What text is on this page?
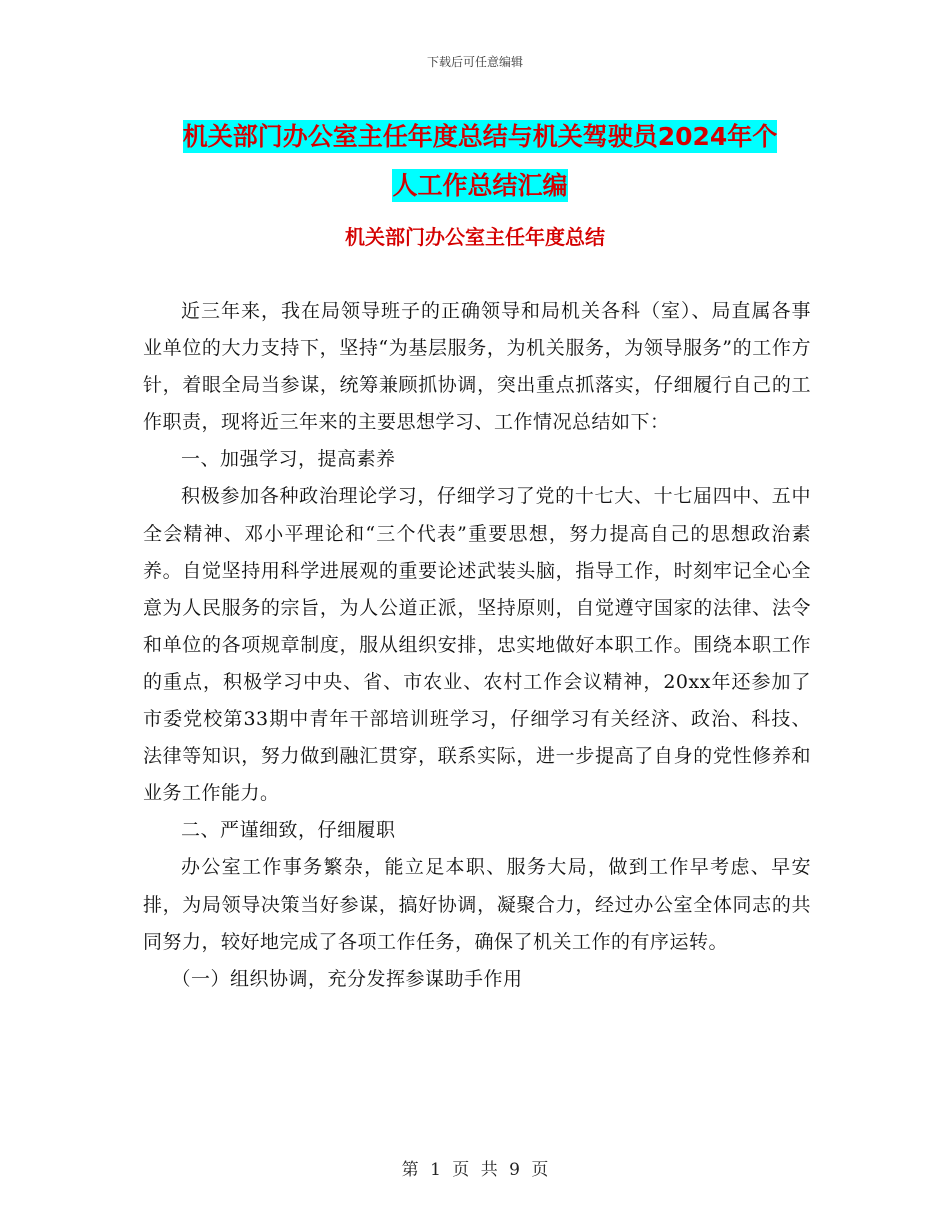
下载后可任意编辑
机关部门办公室主任年度总结与机关驾驶员2024年个
人工作总结汇编
机关部门办公室主任年度总结

近三年来，我在局领导班子的正确领导和局机关各科（室）、局直属各事业单位的大力支持下，坚持“为基层服务，为机关服务，为领导服务”的工作方针，着眼全局当参谋，统筹兼顾抓协调，突出重点抓落实，仔细履行自己的工作职责，现将近三年来的主要思想学习、工作情况总结如下：

一、加强学习，提高素养

积极参加各种政治理论学习，仔细学习了党的十七大、十七届四中、五中全会精神、邓小平理论和“三个代表”重要思想，努力提高自己的思想政治素养。自觉坚持用科学进展观的重要论述武装头脑，指导工作，时刻牢记全心全意为人民服务的宗旨，为人公道正派，坚持原则，自觉遵守国家的法律、法令和单位的各项规章制度，服从组织安排，忠实地做好本职工作。围绕本职工作的重点，积极学习中央、省、市农业、农村工作会议精神，20xx年还参加了市委党校第33期中青年干部培训班学习，仔细学习有关经济、政治、科技、法律等知识，努力做到融汇贯穿，联系实际，进一步提高了自身的党性修养和业务工作能力。

二、严谨细致，仔细履职

办公室工作事务繁杂，能立足本职、服务大局，做到工作早考虑、早安排，为局领导决策当好参谋，搞好协调，凝聚合力，经过办公室全体同志的共同努力，较好地完成了各项工作任务，确保了机关工作的有序运转。

（一）组织协调，充分发挥参谋助手作用

第 1 页 共 9 页
